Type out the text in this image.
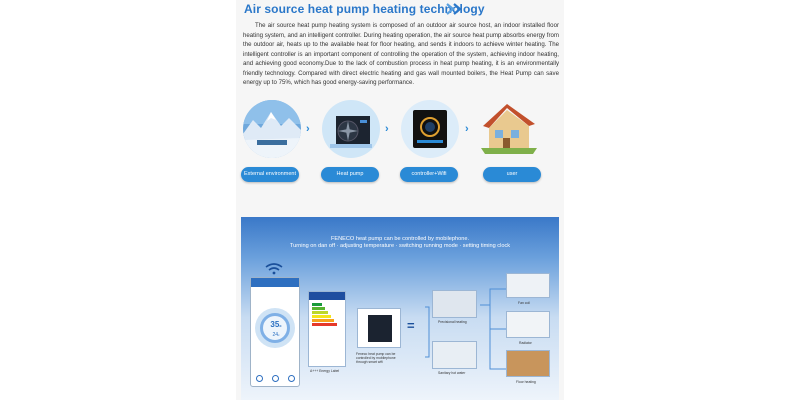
Air source heat pump heating technology

The air source heat pump heating system is composed of an outdoor air source host, an indoor installed floor heating system, and an intelligent controller. During heating operation, the air source heat pump absorbs energy from the outdoor air, heats up to the available heat for floor heating, and sends it indoors to achieve winter heating. The intelligent controller is an important component of controlling the operation of the system, achieving indoor heating, and achieving good economy.Due to the lack of combustion process in heat pump heating, it is an environmentally friendly technology. Compared with direct electric heating and gas wall mounted boilers, the Heat Pump can save energy up to 75%, which has good energy-saving performance.

›	›	›
External environment	Heat pump	controller+Wifi	user
FENECO heat pump can be controlled by mobilephone.
Turning on dan off · adjusting temperature · switching running mode · setting timing clock
35c
24c
A+++ Energy Label
Feneco heat pump can be controlled by mobilephone through smart wifi
=	Precisional heating
Sanitary hot water
Fan coil
Radiator
Floor heating
